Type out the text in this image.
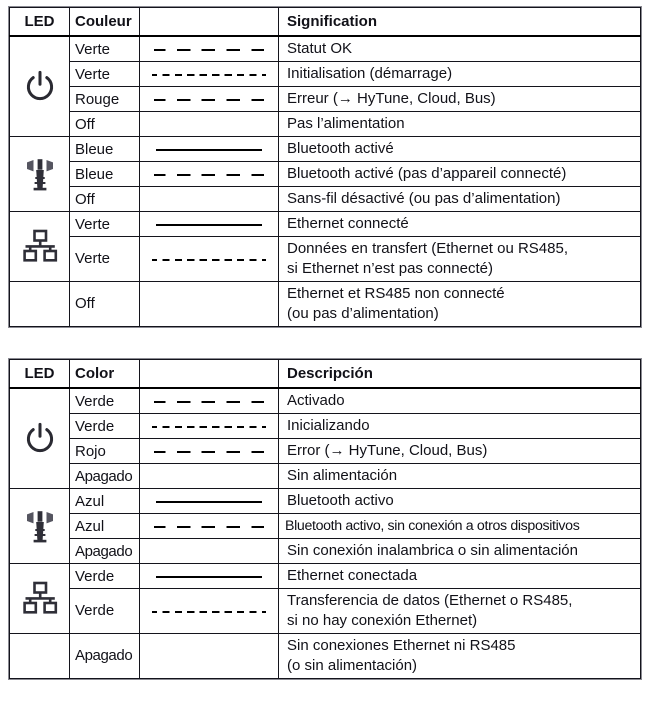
LED	Couleur		Signification

	Verte		Statut OK
	Verte		Initialisation (démarrage)
	Rouge		Erreur (→ HyTune, Cloud, Bus)
	Off		Pas l’alimentation

	Bleue		Bluetooth activé
	Bleue		Bluetooth activé (pas d’appareil connecté)
	Off		Sans-fil désactivé (ou pas d’alimentation)

	Verte		Ethernet connecté
	Verte		Données en transfert (Ethernet ou RS485,
si Ethernet n’est pas connecté)

	Off		Ethernet et RS485 non connecté
(ou pas d’alimentation)
LED	Color		Descripción

	Verde		Activado
	Verde		Inicializando
	Rojo		Error (→ HyTune, Cloud, Bus)
	Apagado		Sin alimentación

	Azul		Bluetooth activo
	Azul		Bluetooth activo, sin conexión a otros dispositivos
	Apagado		Sin conexión inalambrica o sin alimentación

	Verde		Ethernet conectada
	Verde		Transferencia de datos (Ethernet o RS485,
si no hay conexión Ethernet)

	Apagado		Sin conexiones Ethernet ni RS485
(o sin alimentación)
